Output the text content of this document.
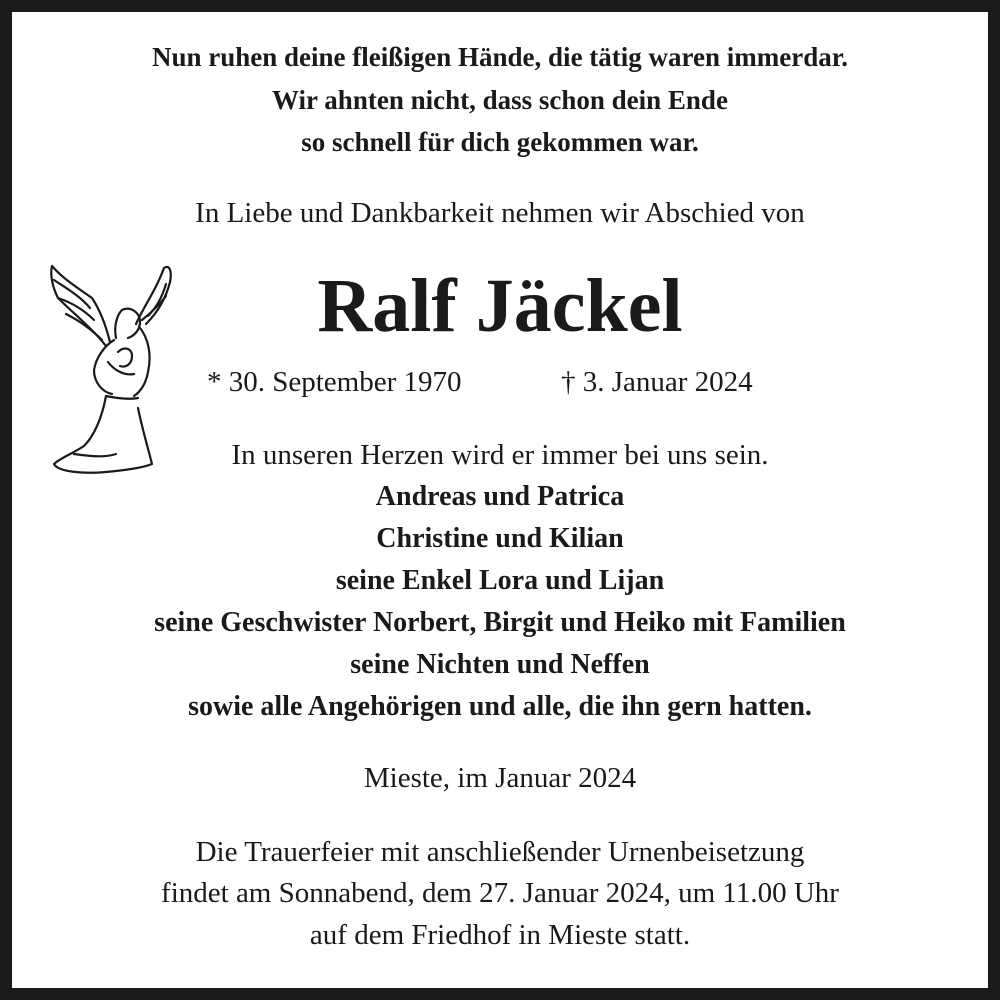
Nun ruhen deine fleißigen Hände, die tätig waren immerdar.
Wir ahnten nicht, dass schon dein Ende
so schnell für dich gekommen war.
In Liebe und Dankbarkeit nehmen wir Abschied von
Ralf Jäckel
* 30. September 1970	† 3. Januar 2024
In unseren Herzen wird er immer bei uns sein.
Andreas und Patrica
Christine und Kilian
seine Enkel Lora und Lijan
seine Geschwister Norbert, Birgit und Heiko mit Familien
seine Nichten und Neffen
sowie alle Angehörigen und alle, die ihn gern hatten.
Mieste, im Januar 2024
Die Trauerfeier mit anschließender Urnenbeisetzung
findet am Sonnabend, dem 27. Januar 2024, um 11.00 Uhr
auf dem Friedhof in Mieste statt.
